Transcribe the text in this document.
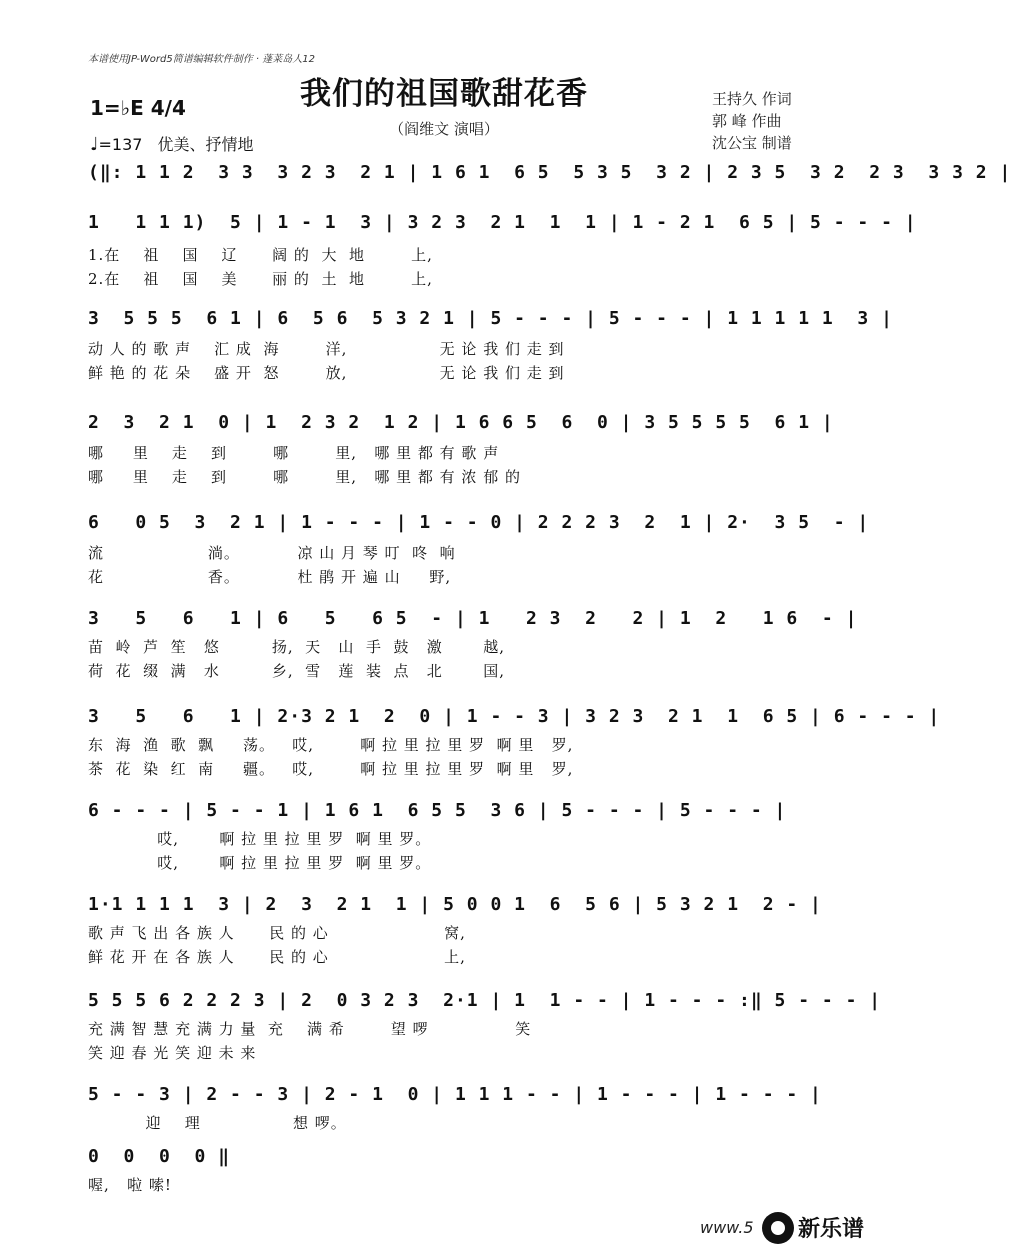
本谱使用JP-Word5简谱编辑软件制作 · 蓬莱岛人12
我们的祖国歌甜花香
（阎维文 演唱）
王持久 作词
郭 峰 作曲
沈公宝 制谱
1=♭E 4/4
♩=137 优美、抒情地
(‖: 1 1 2  3 3  3 2 3  2 1 | 1 6 1  6 5  5 3 5  3 2 | 2 3 5  3 2  2 3  3 3 2 |
1   1 1 1)  5 | 1 - 1  3 | 3 2 3  2 1  1  1 | 1 - 2 1  6 5 | 5 - - - |
1.在    祖    国    辽      阔 的  大  地        上,
2.在    祖    国    美      丽 的  土  地        上,
3  5 5 5  6 1 | 6  5 6  5 3 2 1 | 5 - - - | 5 - - - | 1 1 1 1 1  3 |
动 人 的 歌 声    汇 成  海        洋,                无 论 我 们 走 到
鲜 艳 的 花 朵    盛 开  怒        放,                无 论 我 们 走 到
2  3  2 1  0 | 1  2 3 2  1 2 | 1 6 6 5  6  0 | 3 5 5 5 5  6 1 |
哪     里    走    到        哪        里,   哪 里 都 有 歌 声
哪     里    走    到        哪        里,   哪 里 都 有 浓 郁 的
6   0 5  3  2 1 | 1 - - - | 1 - - 0 | 2 2 2 3  2  1 | 2·  3 5  - |
流                  淌。          凉 山 月 琴 叮  咚  响
花                  香。          杜 鹃 开 遍 山     野,
3   5   6   1 | 6   5   6 5  - | 1   2 3  2   2 | 1  2   1 6  - |
苗  岭  芦  笙   悠         扬,  天   山  手  鼓   激       越,
荷  花  缀  满   水         乡,  雪   莲  装  点   北       国,
3   5   6   1 | 2·3 2 1  2  0 | 1 - - 3 | 3 2 3  2 1  1  6 5 | 6 - - - |
东  海  渔  歌  飘     荡。   哎,        啊 拉 里 拉 里 罗  啊 里   罗,
茶  花  染  红  南     疆。   哎,        啊 拉 里 拉 里 罗  啊 里   罗,
6 - - - | 5 - - 1 | 1 6 1  6 5 5  3 6 | 5 - - - | 5 - - - |
哎,       啊 拉 里 拉 里 罗  啊 里 罗。
哎,       啊 拉 里 拉 里 罗  啊 里 罗。
1·1 1 1 1  3 | 2  3  2 1  1 | 5 0 0 1  6  5 6 | 5 3 2 1  2 - |
歌 声 飞 出 各 族 人      民 的 心                    窝,
鲜 花 开 在 各 族 人      民 的 心                    上,
5 5 5 6 2 2 2 3 | 2  0 3 2 3  2·1 | 1  1 - - | 1 - - - :‖ 5 - - - |
充 满 智 慧 充 满 力 量  充    满 希        望 啰               笑
笑 迎 春 光 笑 迎 未 来
5 - - 3 | 2 - - 3 | 2 - 1  0 | 1 1 1 - - | 1 - - - | 1 - - - |
迎    理                想 啰。
0  0  0  0 ‖
喔,   啦 嗦!
www.5 新乐谱
